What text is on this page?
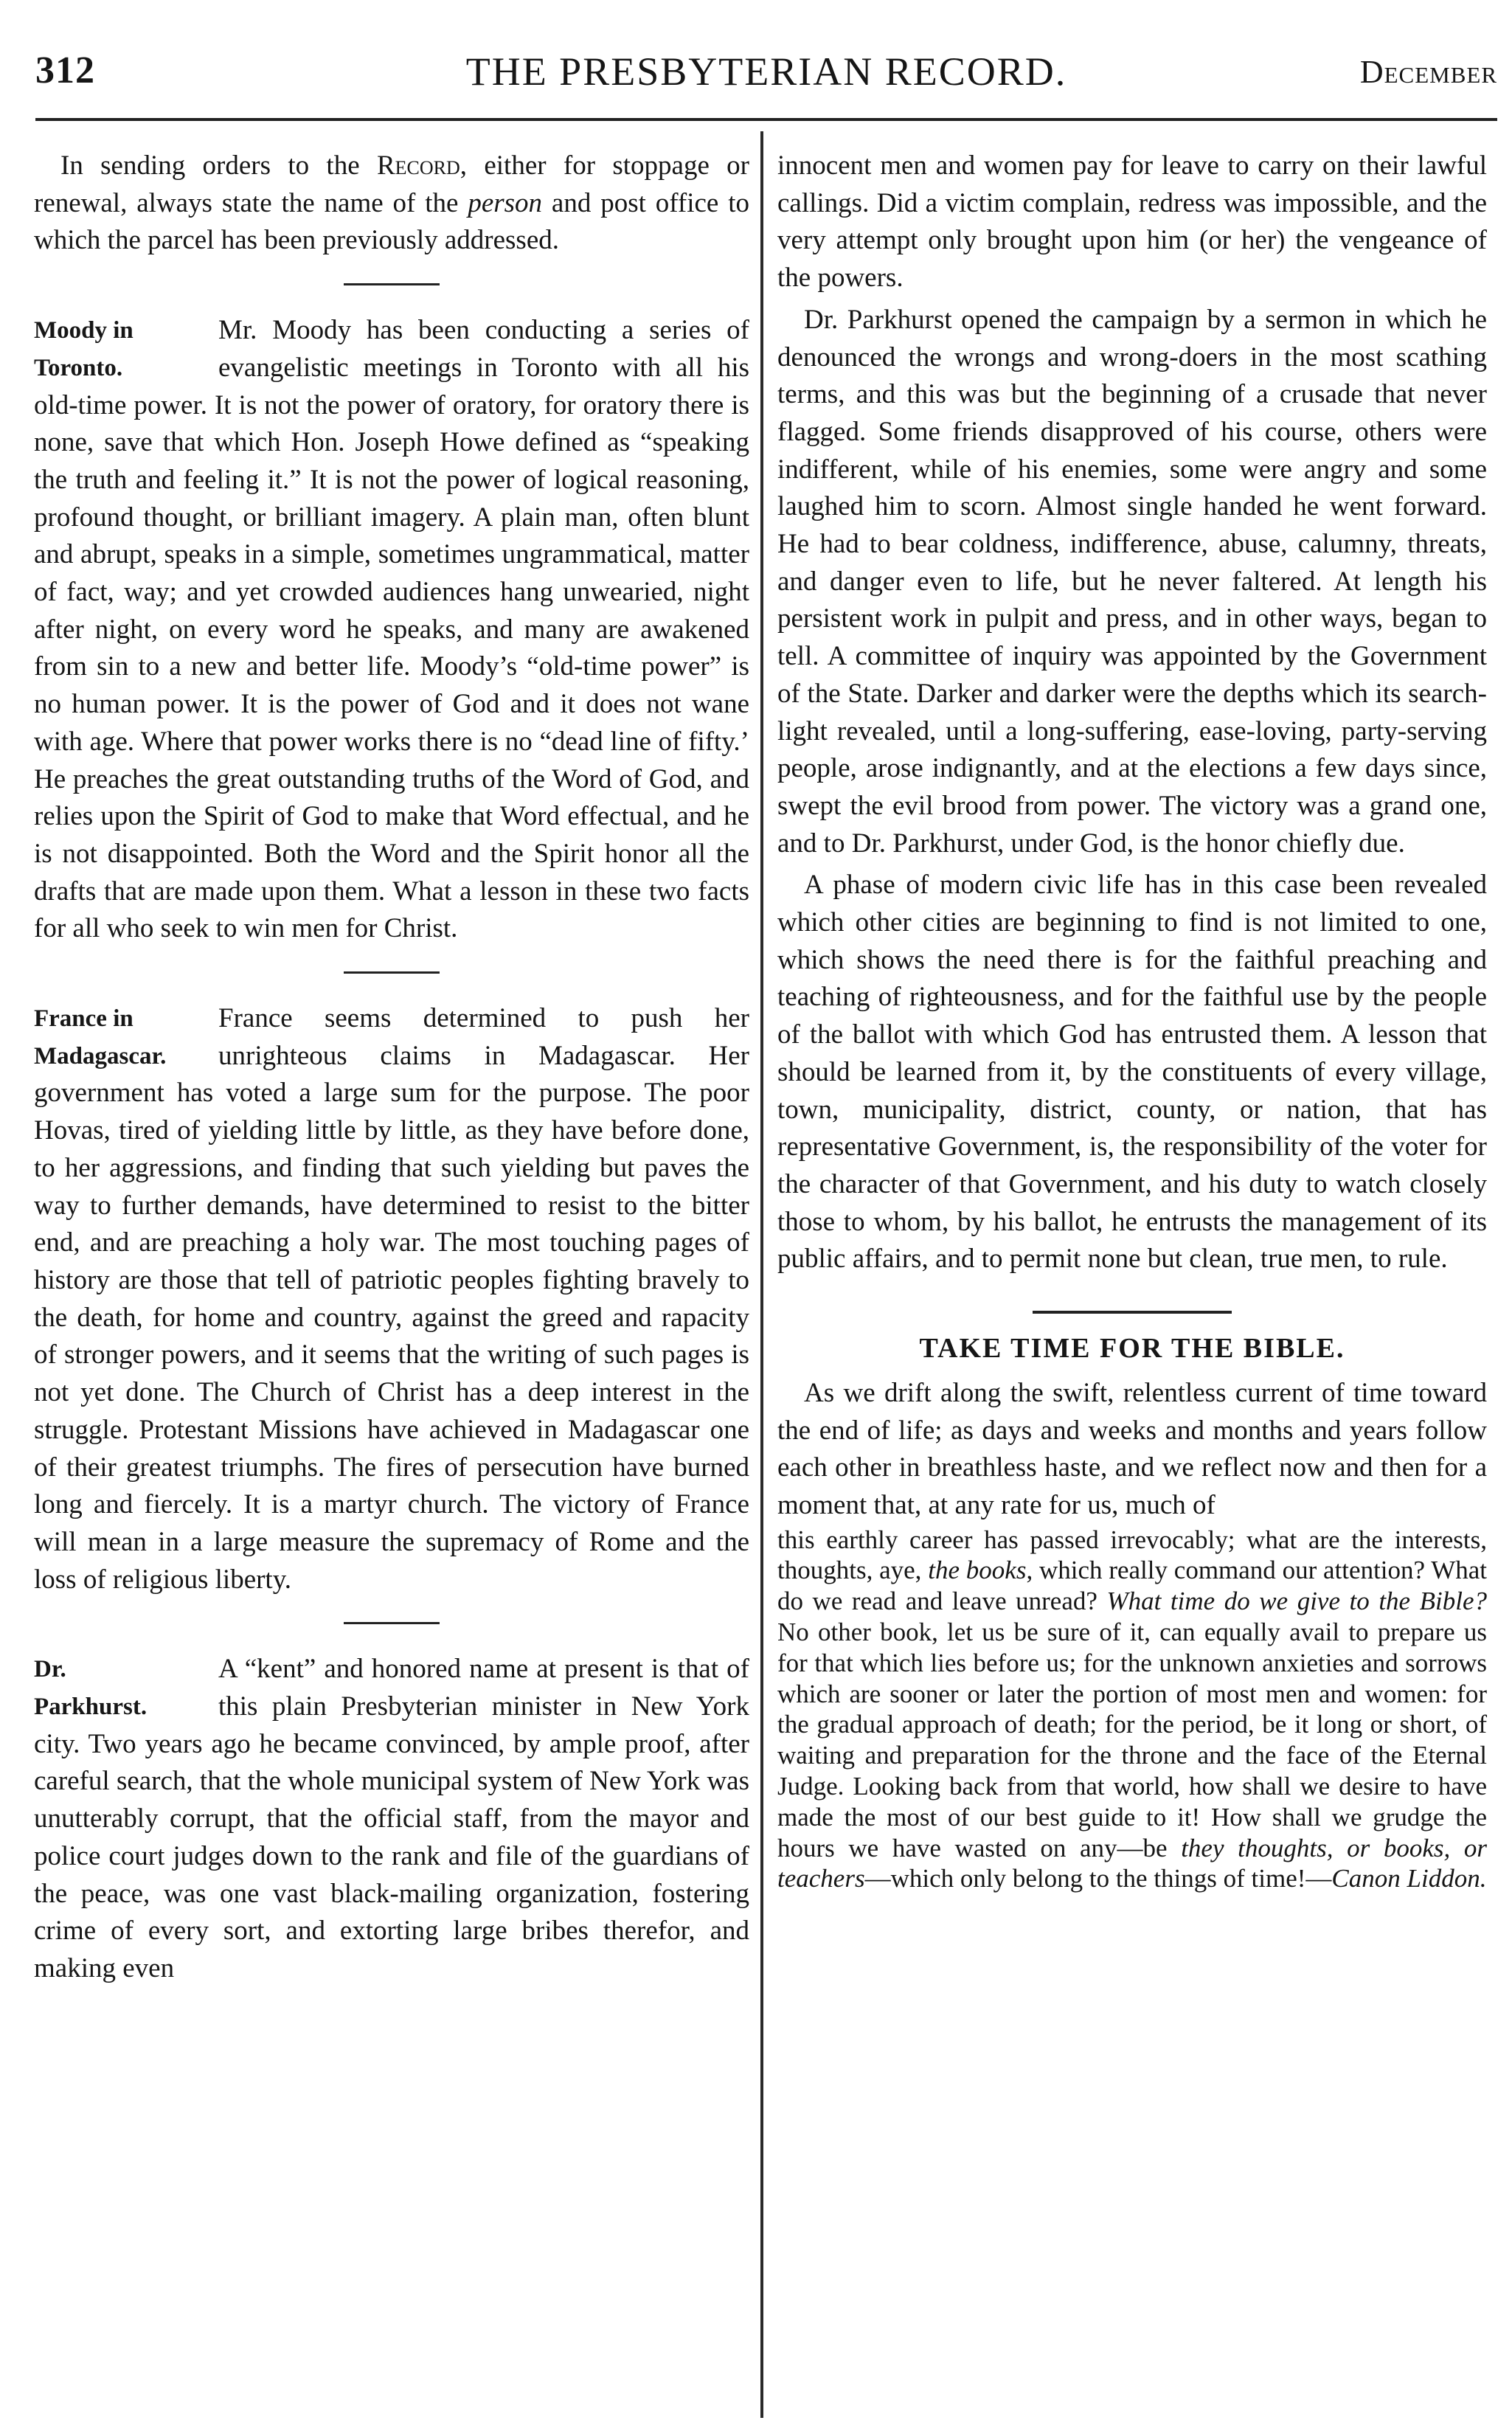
312	THE PRESBYTERIAN RECORD.	December

In sending orders to the Record, either for stoppage or renewal, always state the name of the person and post office to which the parcel has been previously addressed.

Moody in
Toronto.

Mr. Moody has been conducting a series of evangelistic meetings in Toronto with all his old-time power. It is not the power of oratory, for oratory there is none, save that which Hon. Joseph Howe defined as “speaking the truth and feeling it.” It is not the power of logical reasoning, profound thought, or brilliant imagery. A plain man, often blunt and abrupt, speaks in a simple, sometimes ungrammatical, matter of fact, way; and yet crowded audiences hang unwearied, night after night, on every word he speaks, and many are awakened from sin to a new and better life. Moody’s “old-time power” is no human power. It is the power of God and it does not wane with age. Where that power works there is no “dead line of fifty.’ He preaches the great outstanding truths of the Word of God, and relies upon the Spirit of God to make that Word effectual, and he is not disappointed. Both the Word and the Spirit honor all the drafts that are made upon them. What a lesson in these two facts for all who seek to win men for Christ.

France in
Madagascar.

France seems determined to push her unrighteous claims in Madagascar. Her government has voted a large sum for the purpose. The poor Hovas, tired of yielding little by little, as they have before done, to her aggressions, and finding that such yielding but paves the way to further demands, have determined to resist to the bitter end, and are preaching a holy war. The most touching pages of history are those that tell of patriotic peoples fighting bravely to the death, for home and country, against the greed and rapacity of stronger powers, and it seems that the writing of such pages is not yet done. The Church of Christ has a deep interest in the struggle. Protestant Missions have achieved in Madagascar one of their greatest triumphs. The fires of persecution have burned long and fiercely. It is a martyr church. The victory of France will mean in a large measure the supremacy of Rome and the loss of religious liberty.

Dr.
Parkhurst.

A “kent” and honored name at present is that of this plain Presbyterian minister in New York city. Two years ago he became convinced, by ample proof, after careful search, that the whole municipal system of New York was unutterably corrupt, that the official staff, from the mayor and police court judges down to the rank and file of the guardians of the peace, was one vast black-mailing organization, fostering crime of every sort, and extorting large bribes therefor, and making even

innocent men and women pay for leave to carry on their lawful callings. Did a victim complain, redress was impossible, and the very attempt only brought upon him (or her) the vengeance of the powers.

Dr. Parkhurst opened the campaign by a sermon in which he denounced the wrongs and wrong-doers in the most scathing terms, and this was but the beginning of a crusade that never flagged. Some friends disapproved of his course, others were indifferent, while of his enemies, some were angry and some laughed him to scorn. Almost single handed he went forward. He had to bear coldness, indifference, abuse, calumny, threats, and danger even to life, but he never faltered. At length his persistent work in pulpit and press, and in other ways, began to tell. A committee of inquiry was appointed by the Government of the State. Darker and darker were the depths which its search-light revealed, until a long-suffering, ease-loving, party-serving people, arose indignantly, and at the elections a few days since, swept the evil brood from power. The victory was a grand one, and to Dr. Parkhurst, under God, is the honor chiefly due.

A phase of modern civic life has in this case been revealed which other cities are beginning to find is not limited to one, which shows the need there is for the faithful preaching and teaching of righteousness, and for the faithful use by the people of the ballot with which God has entrusted them. A lesson that should be learned from it, by the constituents of every village, town, municipality, district, county, or nation, that has representative Government, is, the responsibility of the voter for the character of that Government, and his duty to watch closely those to whom, by his ballot, he entrusts the management of its public affairs, and to permit none but clean, true men, to rule.

TAKE TIME FOR THE BIBLE.

As we drift along the swift, relentless current of time toward the end of life; as days and weeks and months and years follow each other in breathless haste, and we reflect now and then for a moment that, at any rate for us, much of

this earthly career has passed irrevocably; what are the interests, thoughts, aye, the books, which really command our attention? What do we read and leave unread? What time do we give to the Bible? No other book, let us be sure of it, can equally avail to prepare us for that which lies before us; for the unknown anxieties and sorrows which are sooner or later the portion of most men and women: for the gradual approach of death; for the period, be it long or short, of waiting and preparation for the throne and the face of the Eternal Judge. Looking back from that world, how shall we desire to have made the most of our best guide to it! How shall we grudge the hours we have wasted on any—be they thoughts, or books, or teachers—which only belong to the things of time!—Canon Liddon.
